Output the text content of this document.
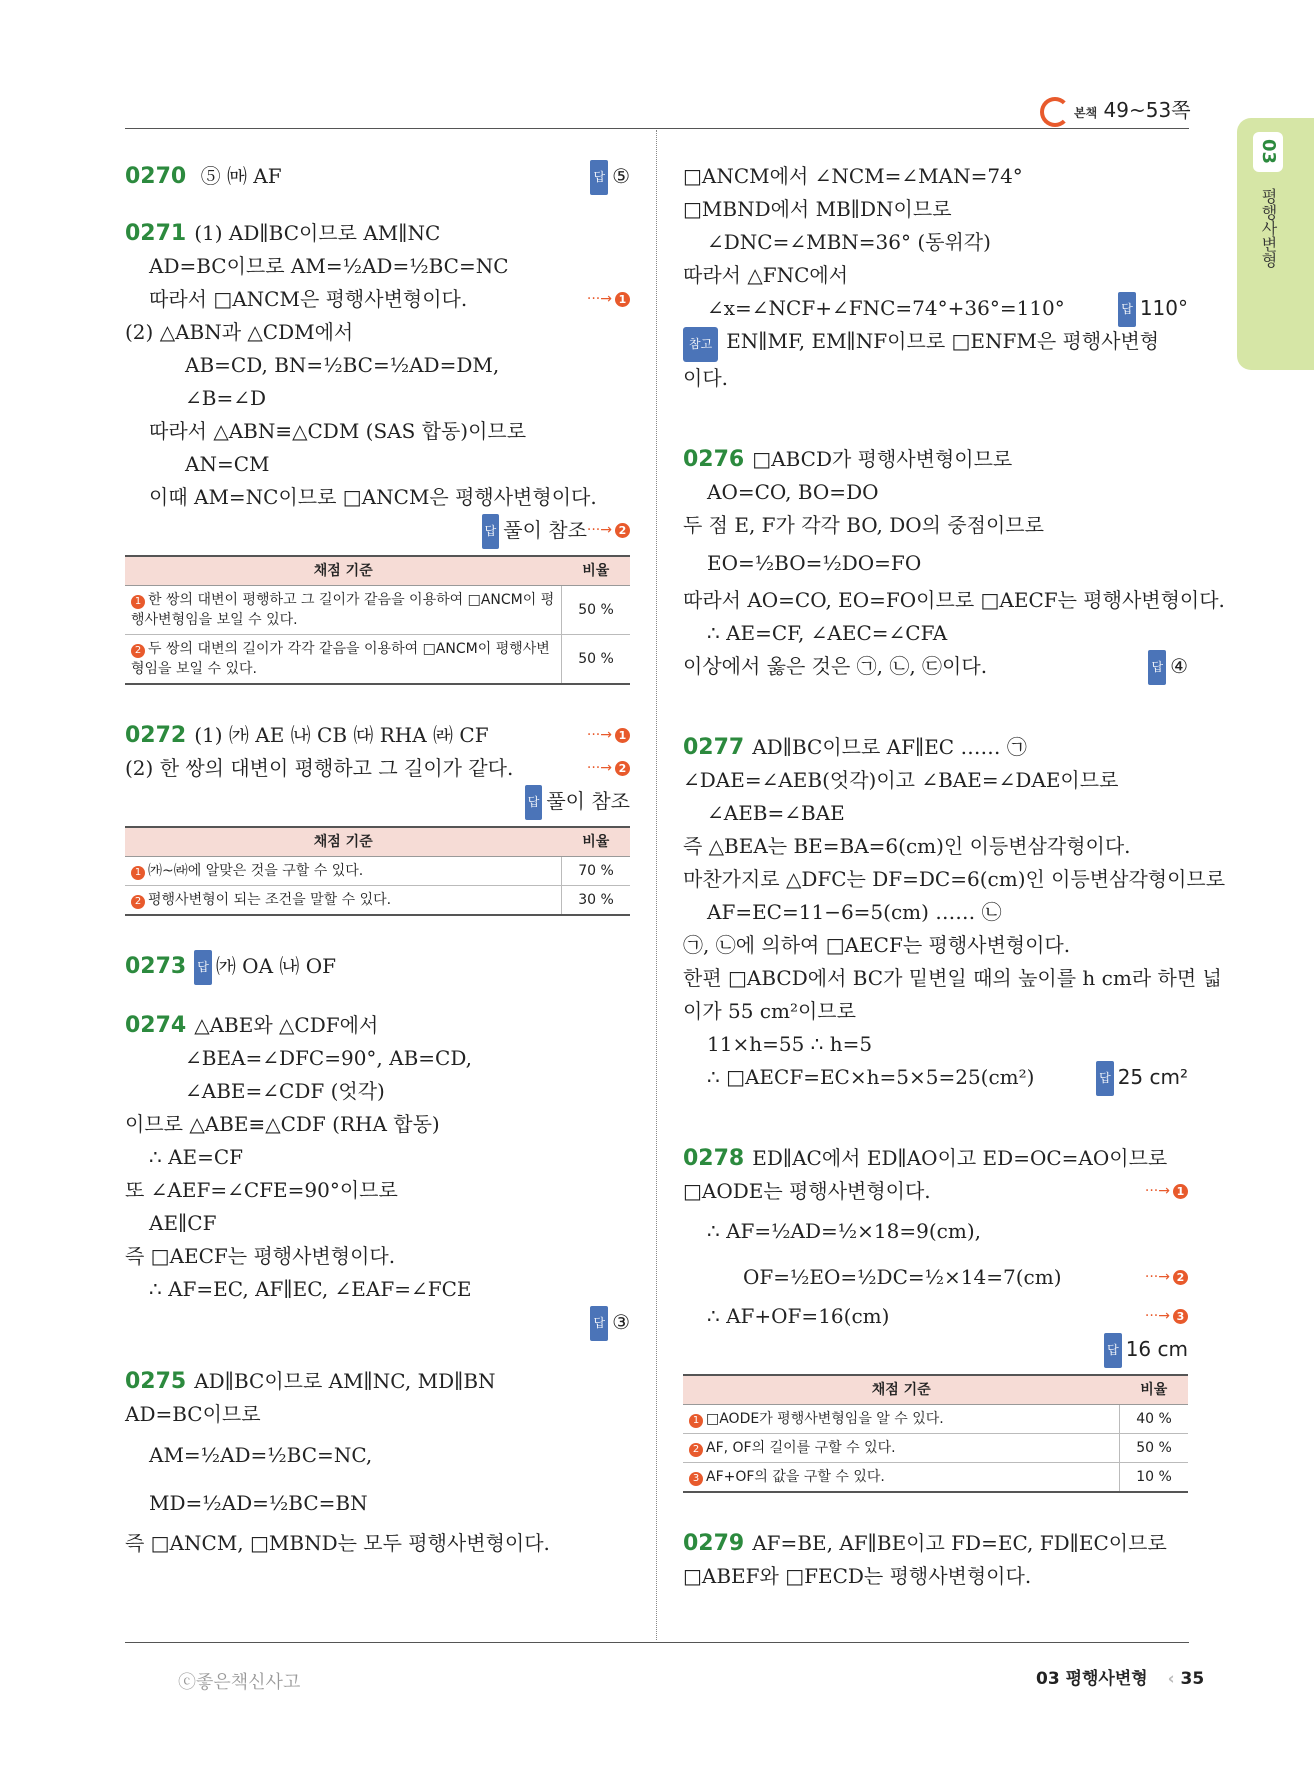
본책 49~53쪽
03
평행사변형
0270 ⑤ ㈒ AF	답 ⑤
0271 (1) AD∥BC이므로 AM∥NC
AD=BC이므로 AM=½AD=½BC=NC
따라서 □ANCM은 평행사변형이다.	···→ 1
(2) △ABN과 △CDM에서
AB=CD, BN=½BC=½AD=DM,
∠B=∠D
따라서 △ABN≡△CDM (SAS 합동)이므로
AN=CM
이때 AM=NC이므로 □ANCM은 평행사변형이다.
···→ 2
답 풀이 참조
채점 기준	비율
1 한 쌍의 대변이 평행하고 그 길이가 같음을 이용하여 □ANCM이 평행사변형임을 보일 수 있다.	50 %
2 두 쌍의 대변의 길이가 각각 같음을 이용하여 □ANCM이 평행사변형임을 보일 수 있다.	50 %
0272 (1) ㈎ AE ㈏ CB ㈐ RHA ㈑ CF	···→ 1
(2) 한 쌍의 대변이 평행하고 그 길이가 같다.	···→ 2
답 풀이 참조
채점 기준	비율
1 ㈎~㈑에 알맞은 것을 구할 수 있다.	70 %
2 평행사변형이 되는 조건을 말할 수 있다.	30 %
0273 답 ㈎ OA ㈏ OF
0274 △ABE와 △CDF에서
∠BEA=∠DFC=90°, AB=CD,
∠ABE=∠CDF (엇각)
이므로 △ABE≡△CDF (RHA 합동)
∴ AE=CF
또 ∠AEF=∠CFE=90°이므로
AE∥CF
즉 □AECF는 평행사변형이다.
∴ AF=EC, AF∥EC, ∠EAF=∠FCE
답 ③
0275 AD∥BC이므로 AM∥NC, MD∥BN
AD=BC이므로
AM=½AD=½BC=NC,
MD=½AD=½BC=BN
즉 □ANCM, □MBND는 모두 평행사변형이다.
□ANCM에서 ∠NCM=∠MAN=74°
□MBND에서 MB∥DN이므로
∠DNC=∠MBN=36° (동위각)
따라서 △FNC에서
∠x=∠NCF+∠FNC=74°+36°=110°	답 110°
참고 EN∥MF, EM∥NF이므로 □ENFM은 평행사변형
이다.
0276 □ABCD가 평행사변형이므로
AO=CO, BO=DO
두 점 E, F가 각각 BO, DO의 중점이므로
EO=½BO=½DO=FO
따라서 AO=CO, EO=FO이므로 □AECF는 평행사변형이다.
∴ AE=CF, ∠AEC=∠CFA
이상에서 옳은 것은 ㉠, ㉡, ㉢이다.	답 ④
0277 AD∥BC이므로 AF∥EC …… ㉠
∠DAE=∠AEB(엇각)이고 ∠BAE=∠DAE이므로
∠AEB=∠BAE
즉 △BEA는 BE=BA=6(cm)인 이등변삼각형이다.
마찬가지로 △DFC는 DF=DC=6(cm)인 이등변삼각형이므로
AF=EC=11−6=5(cm) …… ㉡
㉠, ㉡에 의하여 □AECF는 평행사변형이다.
한편 □ABCD에서 BC가 밑변일 때의 높이를 h cm라 하면 넓
이가 55 cm²이므로
11×h=55 ∴ h=5
∴ □AECF=EC×h=5×5=25(cm²)	답 25 cm²
0278 ED∥AC에서 ED∥AO이고 ED=OC=AO이므로
□AODE는 평행사변형이다.	···→ 1
∴ AF=½AD=½×18=9(cm),
OF=½EO=½DC=½×14=7(cm)	···→ 2
∴ AF+OF=16(cm)	···→ 3
답 16 cm
채점 기준	비율
1 □AODE가 평행사변형임을 알 수 있다.	40 %
2 AF, OF의 길이를 구할 수 있다.	50 %
3 AF+OF의 값을 구할 수 있다.	10 %
0279 AF=BE, AF∥BE이고 FD=EC, FD∥EC이므로
□ABEF와 □FECD는 평행사변형이다.
ⓒ좋은책신사고	03 평행사변형 ‹ 35
